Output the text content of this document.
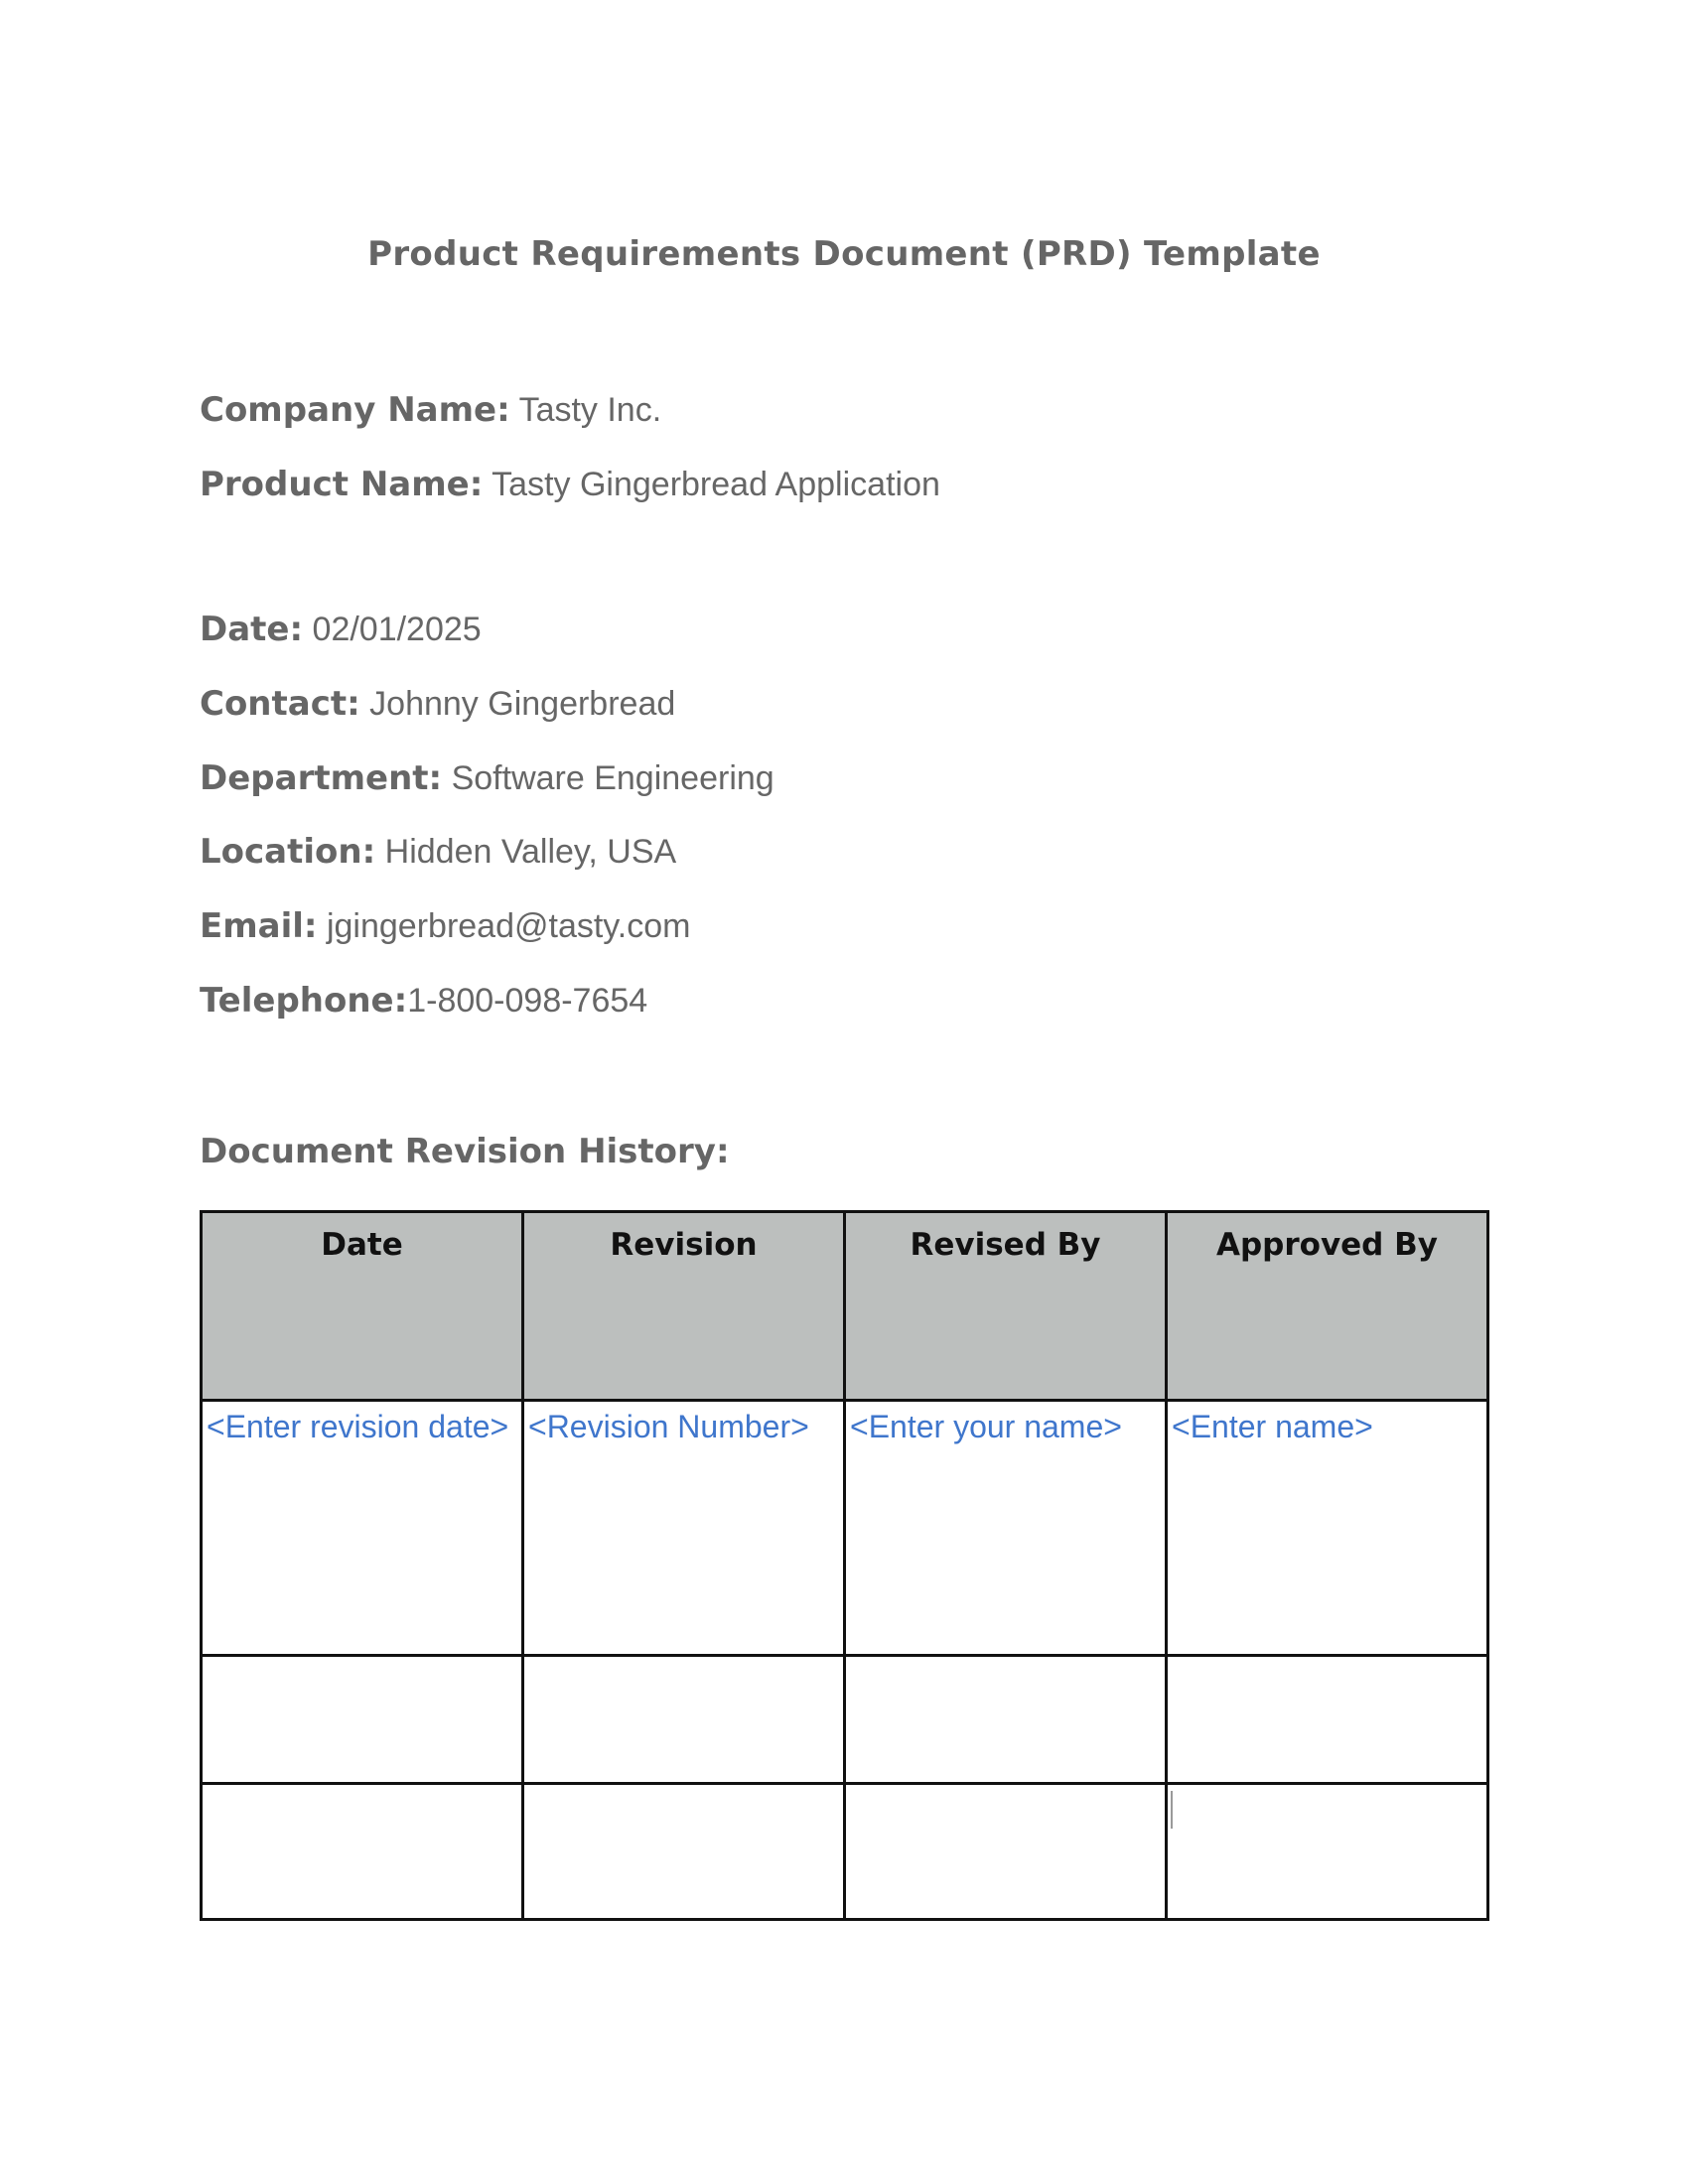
Product Requirements Document (PRD) Template
Company Name: Tasty Inc.
Product Name: Tasty Gingerbread Application
Date: 02/01/2025
Contact: Johnny Gingerbread
Department: Software Engineering
Location: Hidden Valley, USA
Email: jgingerbread@tasty.com
Telephone:1-800-098-7654
Document Revision History:
Date	Revision	Revised By	Approved By
<Enter revision date>	<Revision Number>	<Enter your name>	<Enter name>
